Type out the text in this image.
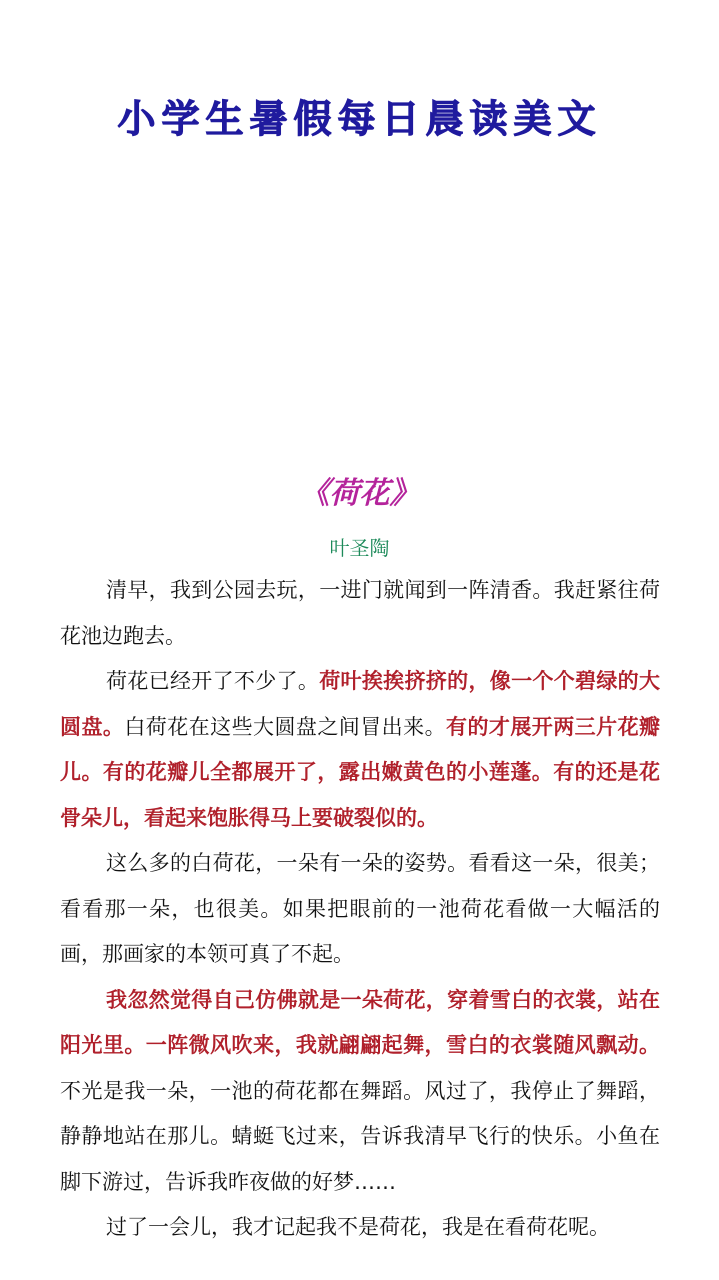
小学生暑假每日晨读美文
《荷花》
叶圣陶

清早，我到公园去玩，一进门就闻到一阵清香。我赶紧往荷花池边跑去。

荷花已经开了不少了。荷叶挨挨挤挤的，像一个个碧绿的大圆盘。白荷花在这些大圆盘之间冒出来。有的才展开两三片花瓣儿。有的花瓣儿全都展开了，露出嫩黄色的小莲蓬。有的还是花骨朵儿，看起来饱胀得马上要破裂似的。

这么多的白荷花，一朵有一朵的姿势。看看这一朵，很美；看看那一朵，也很美。如果把眼前的一池荷花看做一大幅活的画，那画家的本领可真了不起。

我忽然觉得自己仿佛就是一朵荷花，穿着雪白的衣裳，站在阳光里。一阵微风吹来，我就翩翩起舞，雪白的衣裳随风飘动。不光是我一朵，一池的荷花都在舞蹈。风过了，我停止了舞蹈，静静地站在那儿。蜻蜓飞过来，告诉我清早飞行的快乐。小鱼在脚下游过，告诉我昨夜做的好梦……

过了一会儿，我才记起我不是荷花，我是在看荷花呢。
